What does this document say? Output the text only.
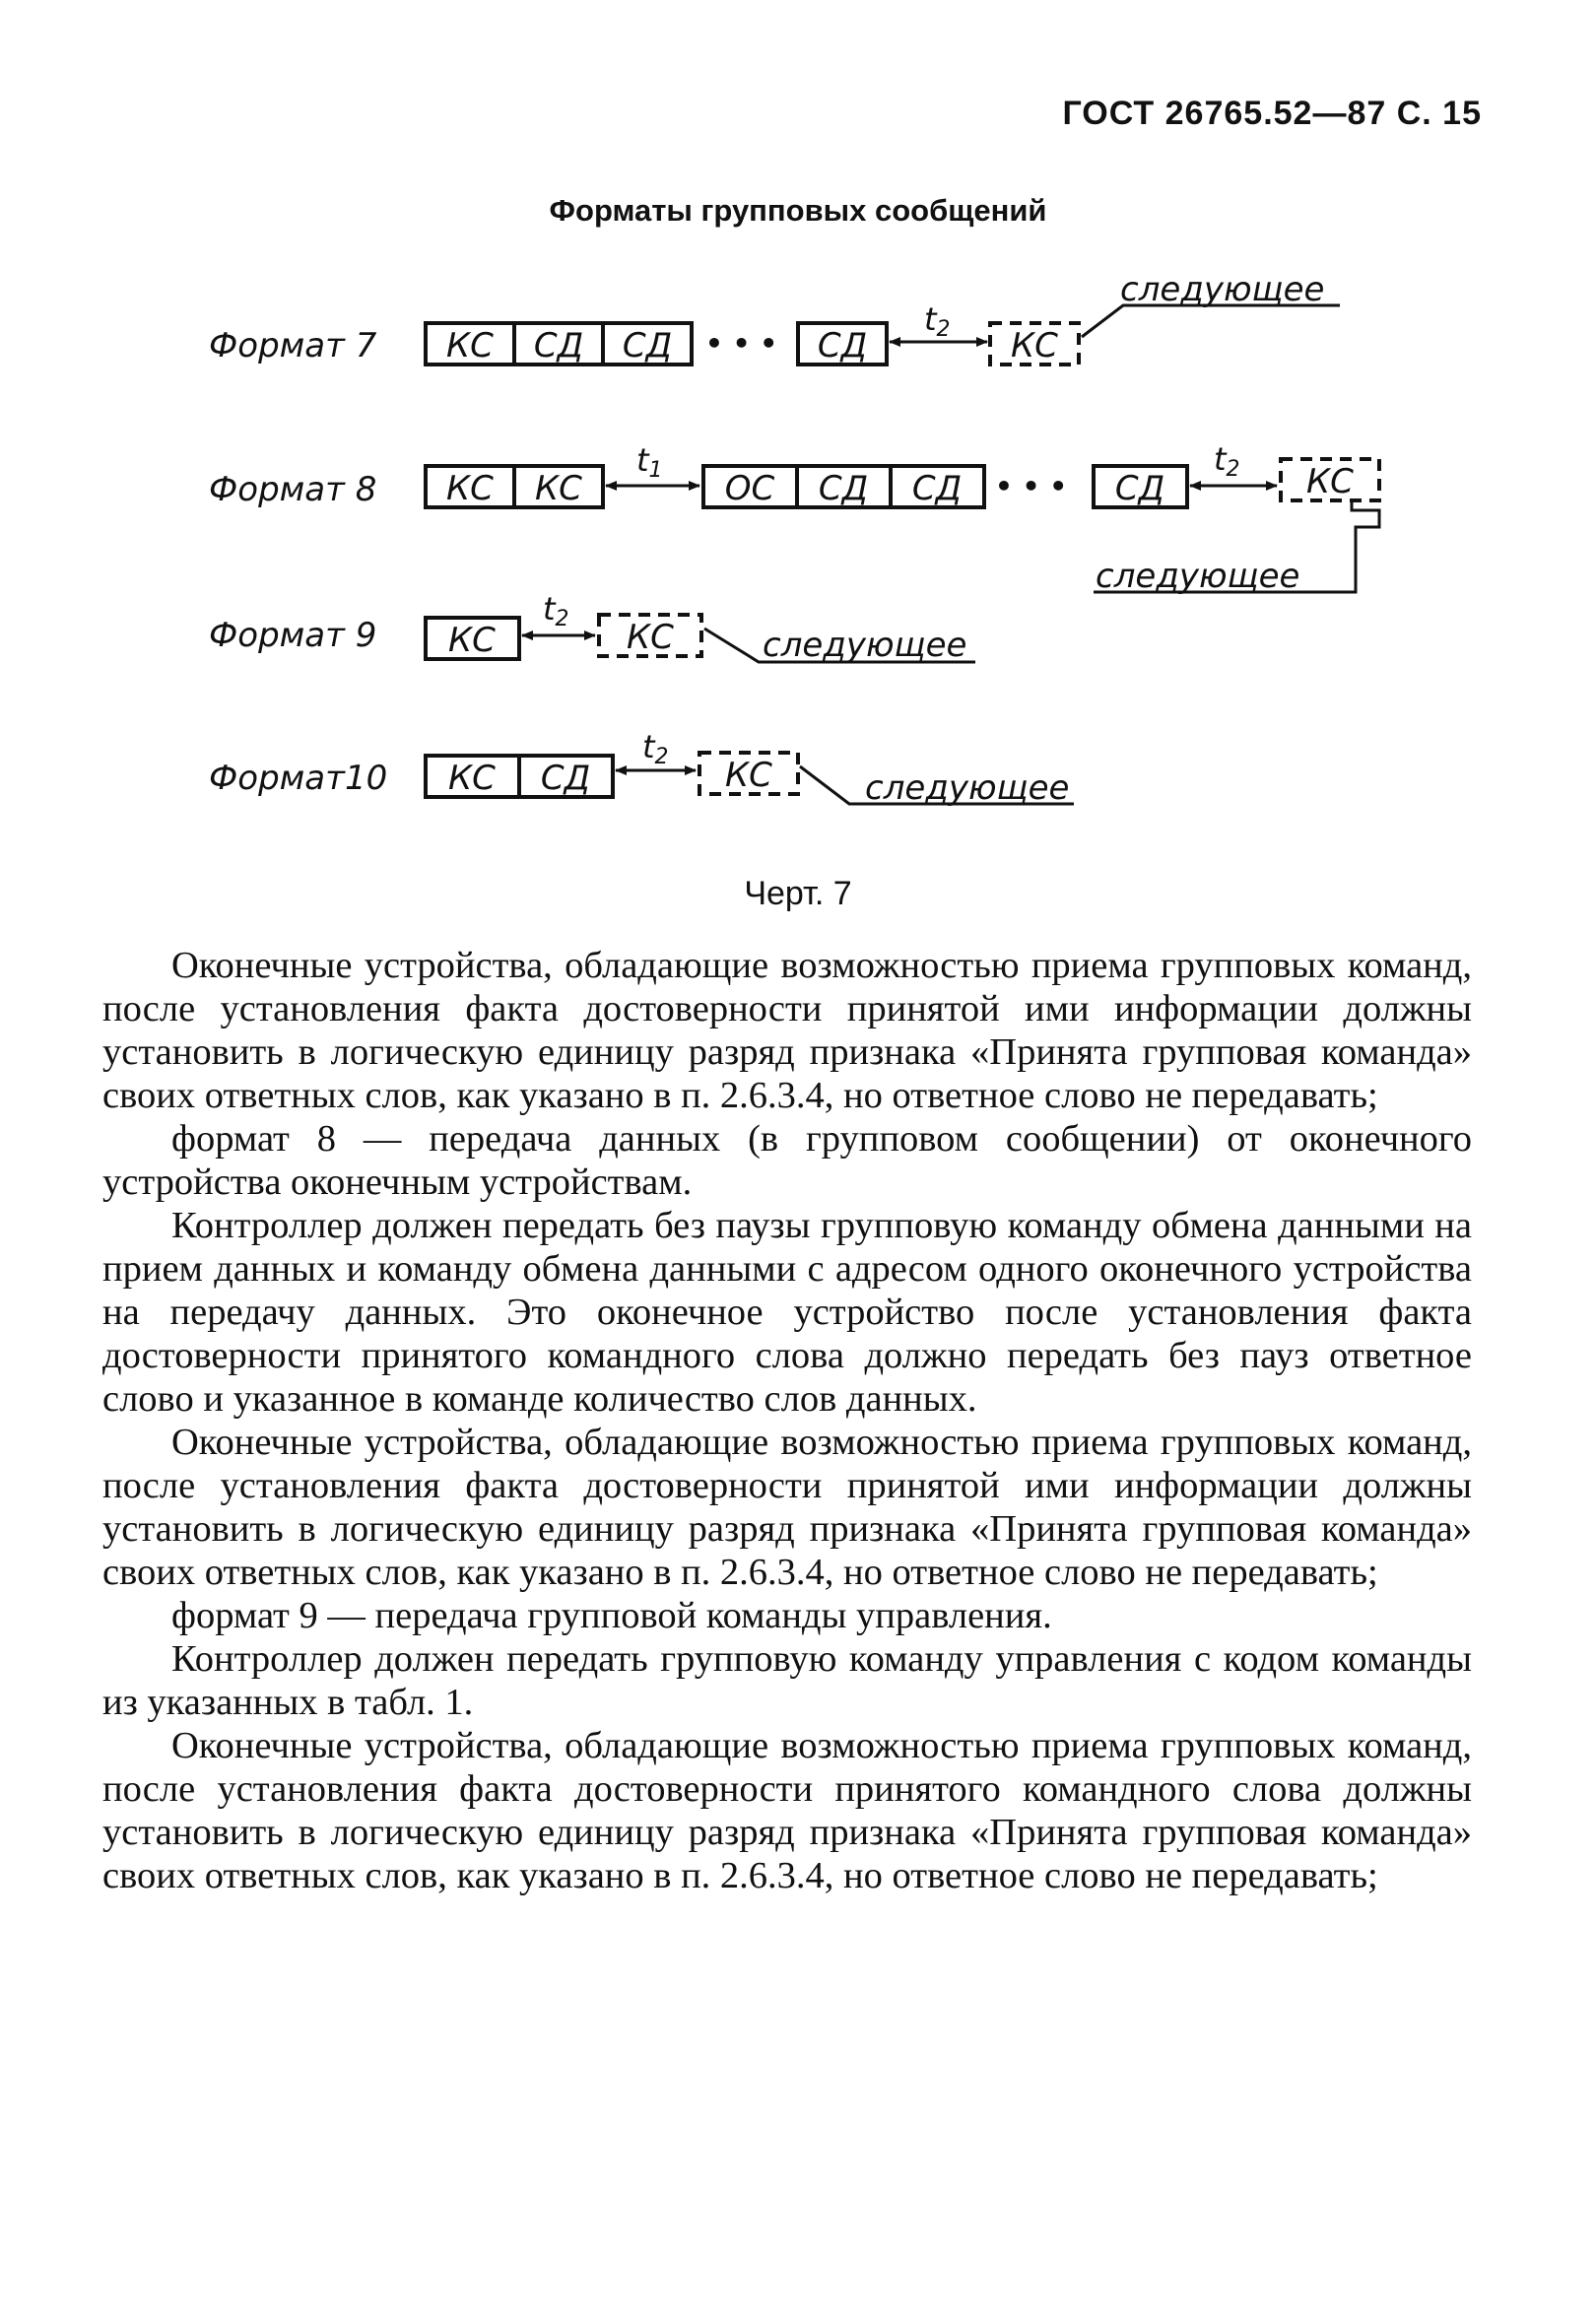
ГОСТ 26765.52—87 С. 15
Форматы групповых сообщений
Формат 7
Формат 8
Формат 9
Формат10
КС СД СД	СД	КС
КС КС	ОС СД СД	СД	КС
КС	КС
КС СД	КС
• • •
• • •
t2
t1	t2
t2
t2
следующее
следующее
следующее
следующее
Черт. 7

Оконечные устройства, обладающие возможностью приема групповых команд, после установления факта достоверности принятой ими информации должны установить в логическую единицу разряд признака «Принята групповая команда» своих ответных слов, как указано в п. 2.6.3.4, но ответное слово не передавать;

формат 8 — передача данных (в групповом сообщении) от оконечного устройства оконечным устройствам.

Контроллер должен передать без паузы групповую команду обмена данными на прием данных и команду обмена данными с адресом одного оконечного устройства на передачу данных. Это оконечное устройство после установления факта достоверности принятого командного слова должно передать без пауз ответное слово и указанное в команде количество слов данных.

Оконечные устройства, обладающие возможностью приема групповых команд, после установления факта достоверности принятой ими информации должны установить в логическую единицу разряд признака «Принята групповая команда» своих ответных слов, как указано в п. 2.6.3.4, но ответное слово не передавать;

формат 9 — передача групповой команды управления.

Контроллер должен передать групповую команду управления с кодом команды из указанных в табл. 1.

Оконечные устройства, обладающие возможностью приема групповых команд, после установления факта достоверности принятого командного слова должны установить в логическую единицу разряд признака «Принята групповая команда» своих ответных слов, как указано в п. 2.6.3.4, но ответное слово не передавать;
